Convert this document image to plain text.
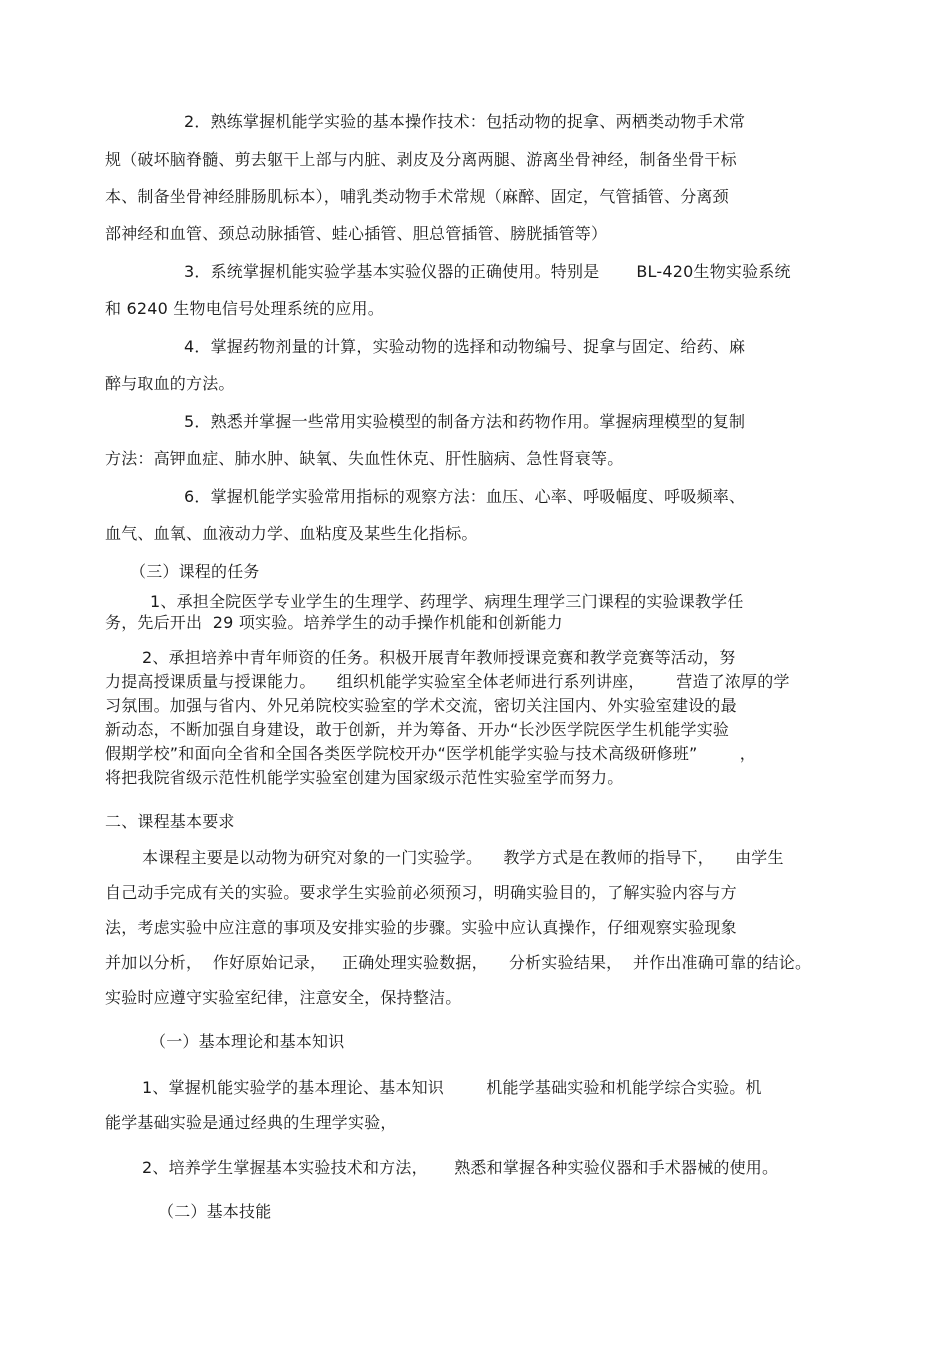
2．熟练掌握机能学实验的基本操作技术：包括动物的捉拿、两栖类动物手术常

规（破坏脑脊髓、剪去躯干上部与内脏、剥皮及分离两腿、游离坐骨神经，制备坐骨干标

本、制备坐骨神经腓肠肌标本），哺乳类动物手术常规（麻醉、固定，气管插管、分离颈

部神经和血管、颈总动脉插管、蛙心插管、胆总管插管、膀胱插管等）

3．系统掌握机能实验学基本实验仪器的正确使用。特别是       BL-420生物实验系统

和 6240 生物电信号处理系统的应用。

4．掌握药物剂量的计算，实验动物的选择和动物编号、捉拿与固定、给药、麻

醉与取血的方法。

5．熟悉并掌握一些常用实验模型的制备方法和药物作用。掌握病理模型的复制

方法：高钾血症、肺水肿、缺氧、失血性休克、肝性脑病、急性肾衰等。

6．掌握机能学实验常用指标的观察方法：血压、心率、呼吸幅度、呼吸频率、

血气、血氧、血液动力学、血粘度及某些生化指标。

（三）课程的任务

1、承担全院医学专业学生的生理学、药理学、病理生理学三门课程的实验课教学任

务，先后开出  29 项实验。培养学生的动手操作机能和创新能力

2、承担培养中青年师资的任务。积极开展青年教师授课竞赛和教学竞赛等活动，努

力提高授课质量与授课能力。    组织机能学实验室全体老师进行系列讲座，      营造了浓厚的学

习氛围。加强与省内、外兄弟院校实验室的学术交流，密切关注国内、外实验室建设的最

新动态，不断加强自身建设，敢于创新，并为筹备、开办“长沙医学院医学生机能学实验

假期学校”和面向全省和全国各类医学院校开办“医学机能学实验与技术高级研修班”        ，

将把我院省级示范性机能学实验室创建为国家级示范性实验室学而努力。

二、课程基本要求

本课程主要是以动物为研究对象的一门实验学。    教学方式是在教师的指导下，    由学生

自己动手完成有关的实验。要求学生实验前必须预习，明确实验目的，了解实验内容与方

法，考虑实验中应注意的事项及安排实验的步骤。实验中应认真操作，仔细观察实验现象

并加以分析，  作好原始记录，   正确处理实验数据，    分析实验结果，  并作出准确可靠的结论。

实验时应遵守实验室纪律，注意安全，保持整洁。

（一）基本理论和基本知识

1、掌握机能实验学的基本理论、基本知识        机能学基础实验和机能学综合实验。机

能学基础实验是通过经典的生理学实验，

2、培养学生掌握基本实验技术和方法，     熟悉和掌握各种实验仪器和手术器械的使用。

（二）基本技能
